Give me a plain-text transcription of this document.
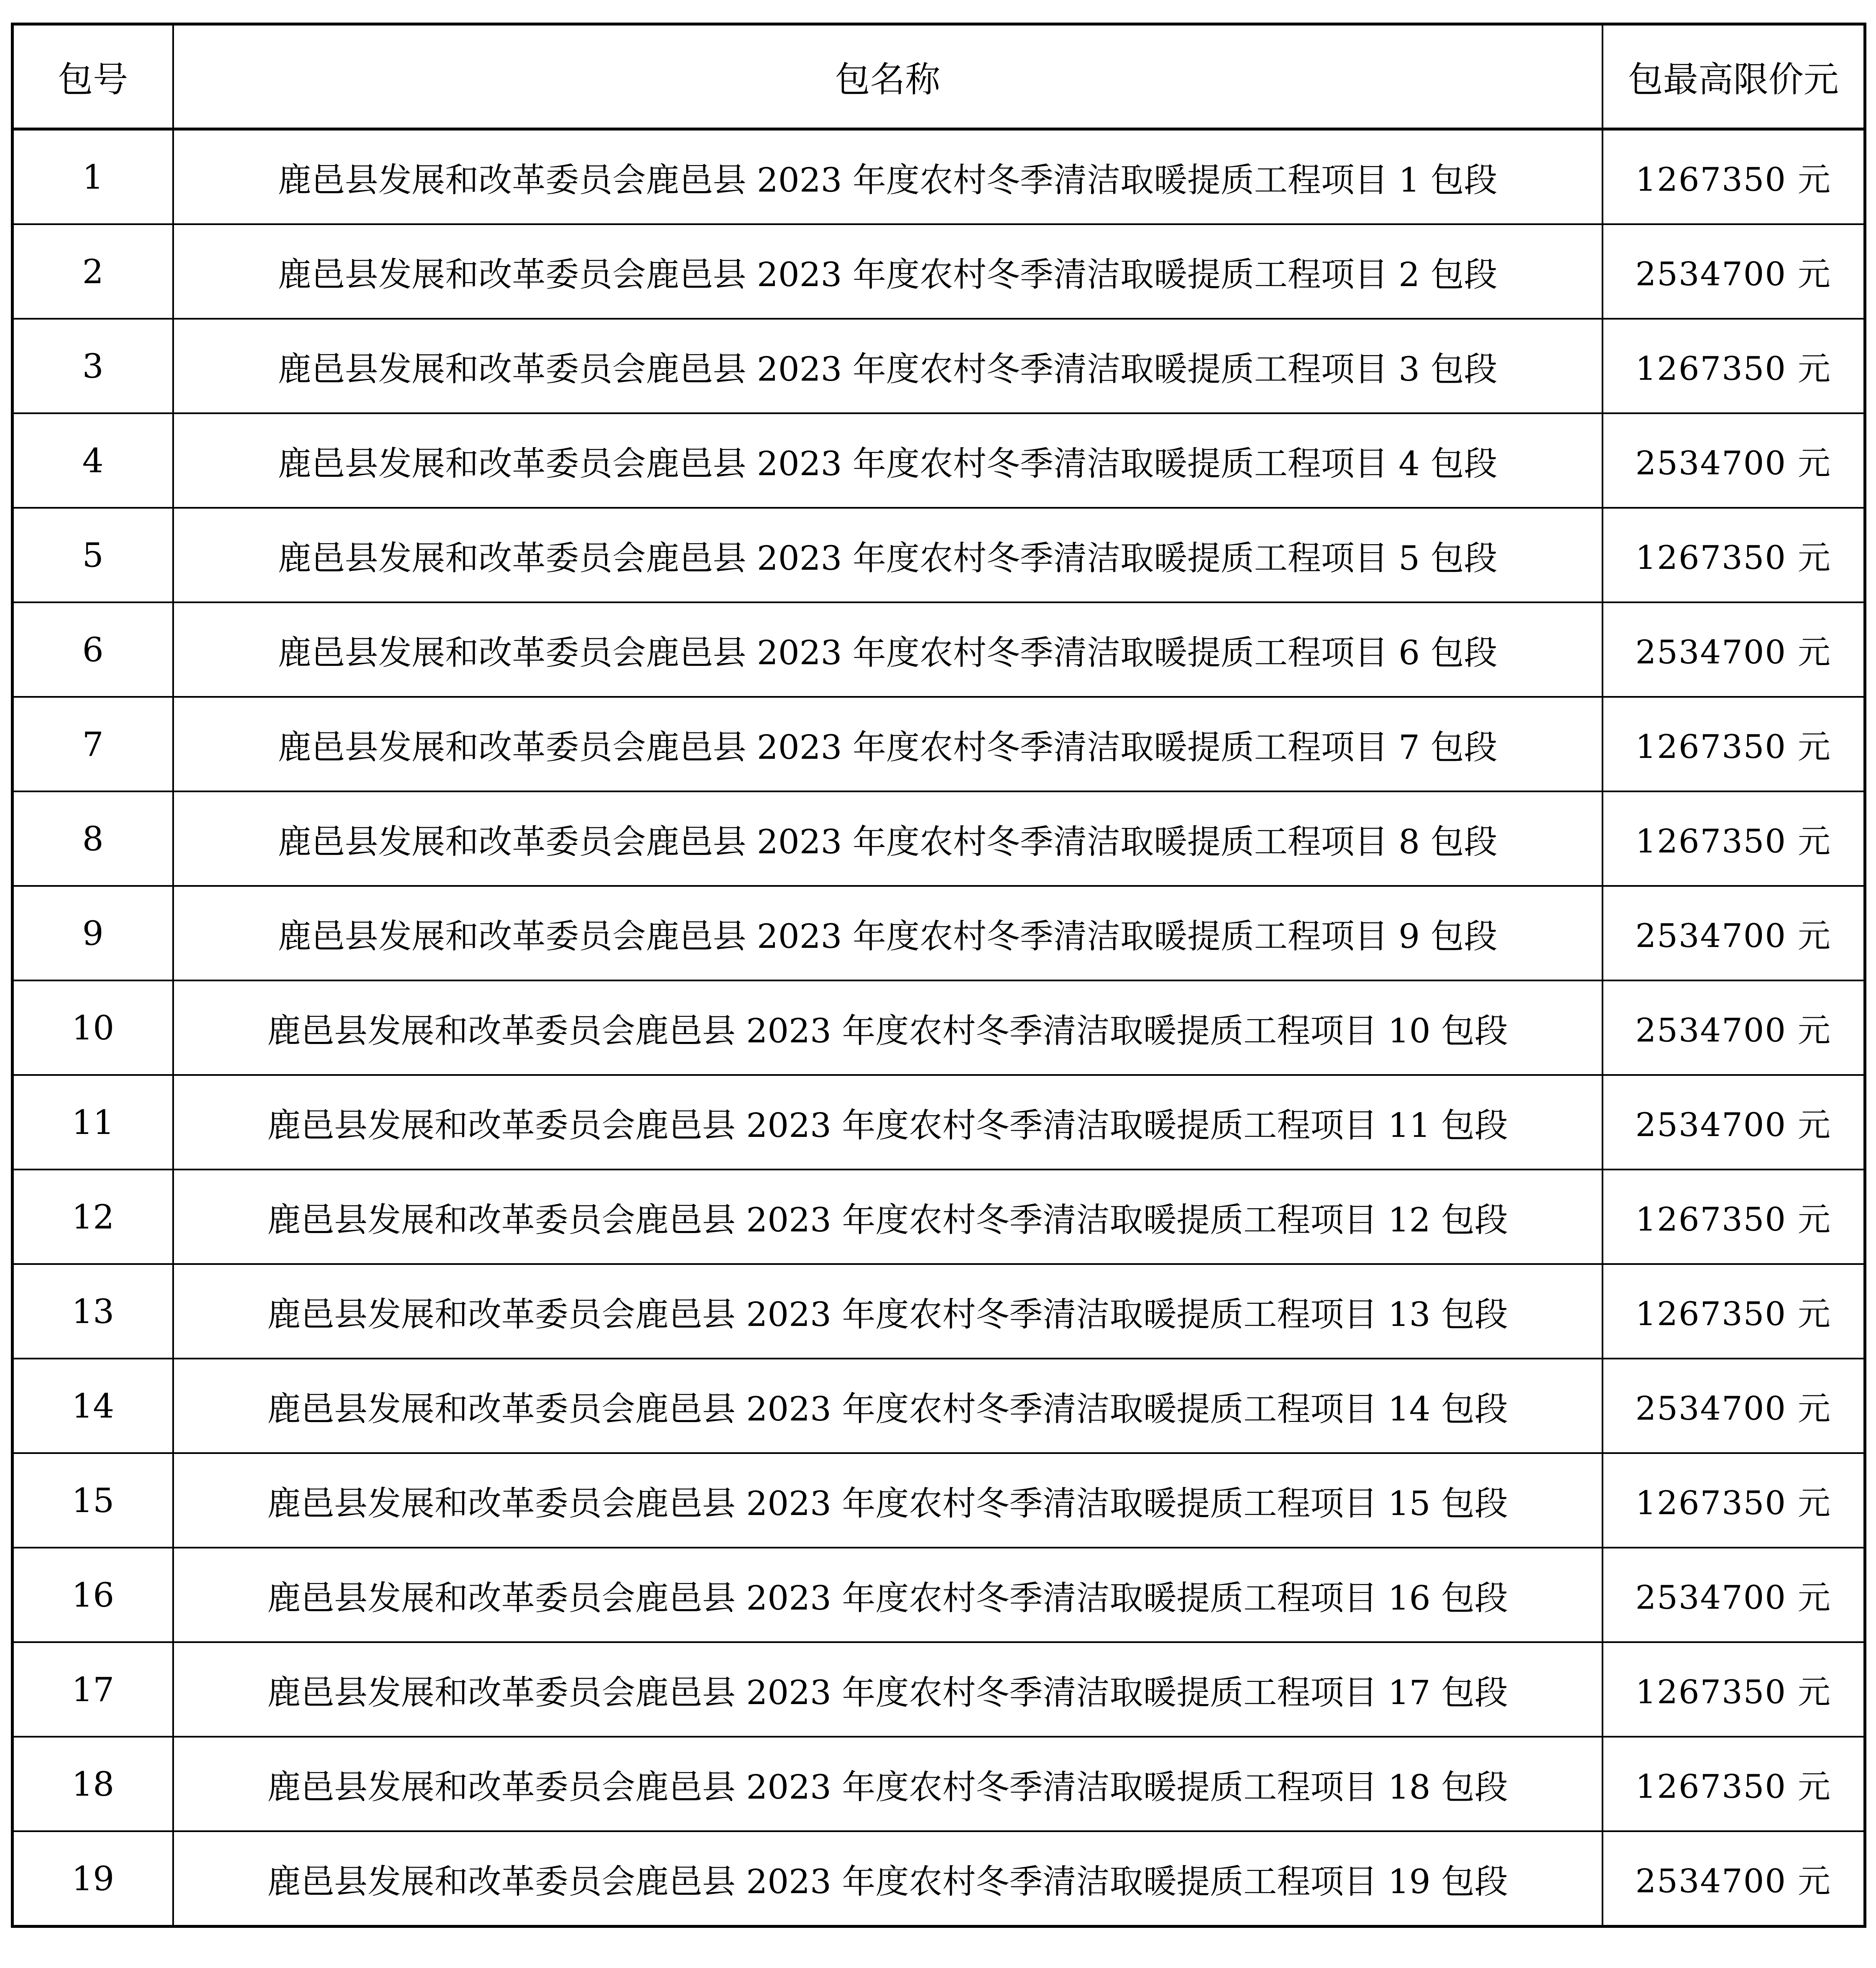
包号	包名称	包最高限价元
1	鹿邑县发展和改革委员会鹿邑县 2023 年度农村冬季清洁取暖提质工程项目 1 包段	1267350 元
2	鹿邑县发展和改革委员会鹿邑县 2023 年度农村冬季清洁取暖提质工程项目 2 包段	2534700 元
3	鹿邑县发展和改革委员会鹿邑县 2023 年度农村冬季清洁取暖提质工程项目 3 包段	1267350 元
4	鹿邑县发展和改革委员会鹿邑县 2023 年度农村冬季清洁取暖提质工程项目 4 包段	2534700 元
5	鹿邑县发展和改革委员会鹿邑县 2023 年度农村冬季清洁取暖提质工程项目 5 包段	1267350 元
6	鹿邑县发展和改革委员会鹿邑县 2023 年度农村冬季清洁取暖提质工程项目 6 包段	2534700 元
7	鹿邑县发展和改革委员会鹿邑县 2023 年度农村冬季清洁取暖提质工程项目 7 包段	1267350 元
8	鹿邑县发展和改革委员会鹿邑县 2023 年度农村冬季清洁取暖提质工程项目 8 包段	1267350 元
9	鹿邑县发展和改革委员会鹿邑县 2023 年度农村冬季清洁取暖提质工程项目 9 包段	2534700 元
10	鹿邑县发展和改革委员会鹿邑县 2023 年度农村冬季清洁取暖提质工程项目 10 包段	2534700 元
11	鹿邑县发展和改革委员会鹿邑县 2023 年度农村冬季清洁取暖提质工程项目 11 包段	2534700 元
12	鹿邑县发展和改革委员会鹿邑县 2023 年度农村冬季清洁取暖提质工程项目 12 包段	1267350 元
13	鹿邑县发展和改革委员会鹿邑县 2023 年度农村冬季清洁取暖提质工程项目 13 包段	1267350 元
14	鹿邑县发展和改革委员会鹿邑县 2023 年度农村冬季清洁取暖提质工程项目 14 包段	2534700 元
15	鹿邑县发展和改革委员会鹿邑县 2023 年度农村冬季清洁取暖提质工程项目 15 包段	1267350 元
16	鹿邑县发展和改革委员会鹿邑县 2023 年度农村冬季清洁取暖提质工程项目 16 包段	2534700 元
17	鹿邑县发展和改革委员会鹿邑县 2023 年度农村冬季清洁取暖提质工程项目 17 包段	1267350 元
18	鹿邑县发展和改革委员会鹿邑县 2023 年度农村冬季清洁取暖提质工程项目 18 包段	1267350 元
19	鹿邑县发展和改革委员会鹿邑县 2023 年度农村冬季清洁取暖提质工程项目 19 包段	2534700 元
